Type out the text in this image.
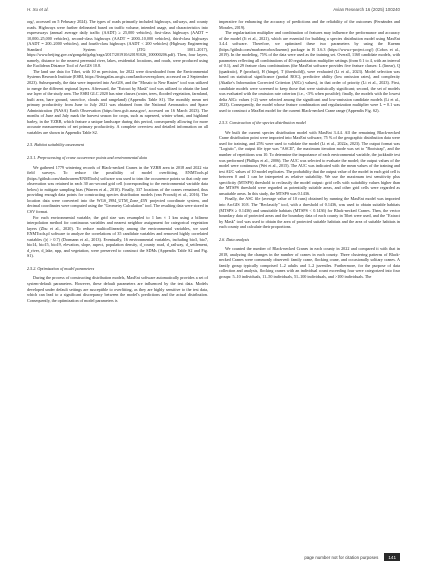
H. Xu et al.	Avian Research 16 (2025) 100240

org/, accessed on 5 February 2024). The types of roads primarily included highways, railways, and county roads. Highways were further delineated based on traffic volume, intended usage, and characteristics into expressways (annual average daily traffic (AADT) ≥ 25,000 vehicles), first-class highways (AADT = 10,000–25,000 vehicles), second-class highways (AADT = 2000–10,000 vehicles), third-class highways (AADT = 200–2000 vehicles), and fourth-class highways (AADT < 200 vehicles) (Highway Engineering Standard System (JTG 1001–2017), https://www.beijing.gov.cn/gongzhi/gzbg/xzgz/2017/201910/t20191026_100000206.pdf). Then, four layers, namely, distance to the nearest perennial river, lakes, residential locations, and roads, were produced using the Euclidean Distance Tool of ArcGIS 10.8.

The land use data for Tibet, with 10 m precision, for 2022 were downloaded from the Environmental Systems Research Institute (ESRI, https://livingatlas.arcgis.com/landcoverexplorer, accessed on 2 September 2023). Subsequently, the data were imported into ArcGIS, and the "Mosaic to New Raster" tool was utilized to merge the different regional layers. Afterward, the "Extract by Mask" tool was utilized to obtain the land use layer of the study area. The ESRI GLC 2020 has nine classes (water, trees, flooded vegetation, farmland, built area, bare ground, snow/ice, clouds and rangeland) (Appendix Table S1). The monthly mean net primary productivity from June to July 2021 was obtained from the National Aeronautics and Space Administration (NASA) Earth Observation (https://neo.gsfc.nasa.gov/, accessed on 16 March 2023). The months of June and July mark the harvest season for crops, such as rapeseed, winter wheat, and highland barley, in the YZRB, which feature a unique landscape during this period, consequently allowing for more accurate measurements of net primary productivity. A complete overview and detailed information on all variables are shown in Appendix Table S2.

2.5. Habitat suitability assessment
2.5.1. Preprocessing of crane occurrence points and environmental data

We gathered 1779 wintering records of Black-necked Cranes in the YZRB area in 2018 and 2022 via field surveys. To reduce the possibility of model overfitting, ENMTools.pl (https://github.com/danlwarren/ENMTools) software was used to trim the occurrence points so that only one observation was retained in each 30 arc-second grid cell (corresponding to the environmental variable data below) to mitigate sampling bias (Warren et al., 2010). Finally, 337 locations of the cranes remained, thus providing enough data points for constructing species distribution models (van Proosdij et al., 2016). The location data were converted into the WGS_1984_UTM_Zone_45N projected coordinate system, and decimal coordinates were computed using the "Geometry Calculation" tool. The resulting data were stored in CSV format.

For each environmental variable, the grid size was resampled to 1 km × 1 km using a bilinear interpolation method for continuous variables and nearest neighbor assignment for categorical vegetation layers (Zhu et al., 2020). To reduce multicollinearity among the environmental variables, we used ENMTools.pl software to analyze the correlations of 35 candidate variables and removed highly correlated variables (|r| > 0.7) (Dormann et al., 2013). Eventually, 16 environmental variables, including bio3, bio7, bio14, bio15, bio19, elevation, slope, aspect, population density, d_county road, d_railway, d_settlement, d_river, d_lake, npp, and vegetation, were preserved to construct the SDMs (Appendix Table S2 and Fig. S1).

2.5.2. Optimization of model parameters

During the process of constructing distribution models, MaxEnt software automatically provides a set of system-default parameters. However, these default parameters are influenced by the test data. Models developed under default settings are susceptible to overfitting, as they are highly sensitive to the test data, which can lead to a significant discrepancy between the model's predictions and the actual distribution. Consequently, the optimization of model parameters is

imperative for enhancing the accuracy of predictions and the reliability of the outcomes (Fernández and Morales, 2019).

The regularization multiplier and combination of features may influence the performance and accuracy of the model (Ji et al., 2021), which are essential for building a species distribution model using MaxEnt 3.4.4 software. Therefore, we optimized these two parameters by using the Kuenm (https://github.com/marlonecobos/kuenm) package in R 3.6.3 (https://www.r-project.org/) (Cobos et al., 2019). In the modeling, 75% of the data were used as the training set. Overall, 1160 candidate models, with parameters reflecting all combinations of 40 regularization multiplier settings (from 0.1 to 4, with an interval of 0.1), and 29 feature class combinations (the MaxEnt software provides five feature classes: L (linear), Q (quadratic), P (product), H (hinge), T (threshold)), were evaluated (Li et al., 2023). Model selection was based on statistical significance (partial ROC), predictive ability (low omission rates), and complexity (Akaike's Information Corrected Criterion (AICc) values), in that order of priority (Li et al., 2023). First, candidate models were screened to keep those that were statistically significant; second, the set of models was evaluated with the omission rate criterion (i.e., <5% when possible); finally, the models with the lowest delta AICc values (<2) were selected among the significant and low-omission candidate models (Li et al., 2023). Consequently, the model whose feature combination and regularization multiplier were L = 0.1 was used to construct a MaxEnt model for the current Black-necked Crane range (Appendix Fig. S2).

2.5.3. Construction of the species distribution model

We built the current species distribution model with MaxEnt 3.4.4. All the remaining Black-necked Crane distribution point were imported into MaxEnt software, 75 % of the geographic distribution data were used for training, and 25% were used to validate the model (Li et al., 2022a, 2023). The output format was "Logistic", the output file type was "ASCII", the maximum iteration mode was set to "Bootstrap", and the number of repetitions was 10. To determine the importance of each environmental variable, the jackknife test was performed (Phillips et al., 2006). The AUC was selected to evaluate the model; the output values of the model were continuous (Wei et al., 2015). The AUC was indicated with the mean values of the training and test AUC values of 10 model replicates. The probability that the output value of the model in each grid cell is between 0 and 1 can be interpreted as relative suitability. We use the maximum test sensitivity plus specificity (MTSPS) threshold to reclassify the model output: grid cells with suitability values higher than the MTSPS threshold were regarded as potentially suitable areas, and other grid cells were regarded as unsuitable areas. In this study, the MTSPS was 0.1436.

Finally, the ASC file (average value of 10 runs) obtained by running the MaxEnt model was imported into ArcGIS 10.8. The "Reclassify" tool, with a threshold of 0.1436, was used to obtain suitable habitats (MTSPS ≥ 0.1436) and unsuitable habitats (MTSPS < 0.1436) for Black-necked Cranes. Then, the vector boundary data of protected areas and the boundary data of each county in Tibet were used, and the "Extract by Mask" tool was used to obtain the area of protected suitable habitats and the area of suitable habitats in each county and calculate their proportions.

2.6. Data analysis

We counted the number of Black-necked Cranes in each county in 2022 and compared it with that in 2018, analyzing the changes in the number of cranes in each county. Three clustering patterns of Black-necked Cranes were commonly observed: family crane, flocking crane, and occasionally solitary cranes. A family group typically comprised 1–2 adults and 1–2 juveniles. Furthermore, for the purpose of data collection and analysis, flocking cranes with an individual count exceeding four were categorized into four groups: 5–10 individuals, 11–50 individuals, 51–100 individuals, and >100 individuals. The

page number not for citation purposes	141
